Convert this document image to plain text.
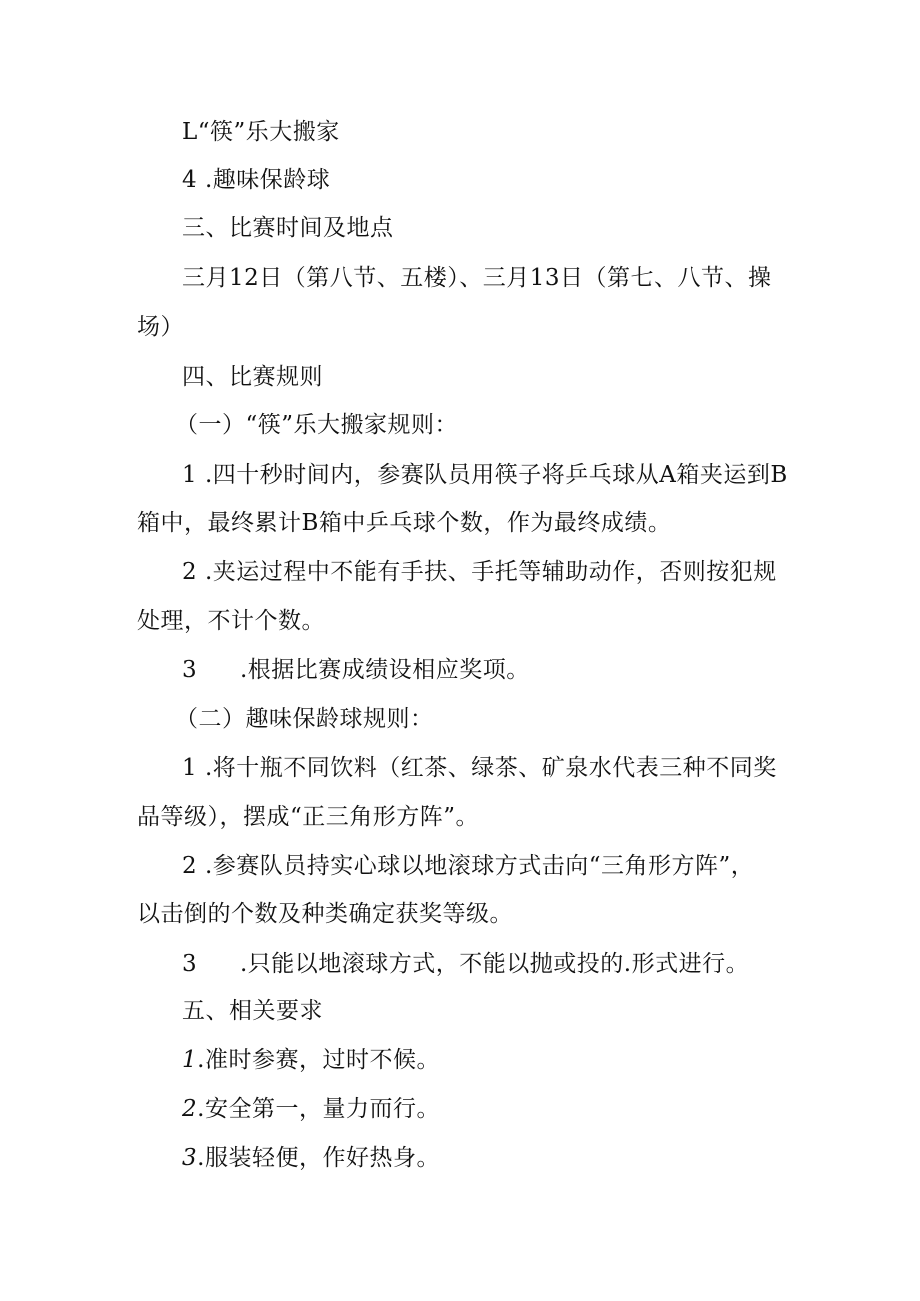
L“筷”乐大搬家
4 .趣味保龄球
三、比赛时间及地点
三月12日（第八节、五楼）、三月13日（第七、八节、操
场）
四、比赛规则
（一）“筷”乐大搬家规则：
1 .四十秒时间内，参赛队员用筷子将乒乓球从A箱夹运到B
箱中，最终累计B箱中乒乓球个数，作为最终成绩。
2 .夹运过程中不能有手扶、手托等辅助动作，否则按犯规
处理，不计个数。
3 .根据比赛成绩设相应奖项。
（二）趣味保龄球规则：
1 .将十瓶不同饮料（红茶、绿茶、矿泉水代表三种不同奖
品等级），摆成“正三角形方阵”。
2 .参赛队员持实心球以地滚球方式击向“三角形方阵”，
以击倒的个数及种类确定获奖等级。
3 .只能以地滚球方式，不能以抛或投的.形式进行。
五、相关要求
1.准时参赛，过时不候。
2.安全第一，量力而行。
3.服装轻便，作好热身。
